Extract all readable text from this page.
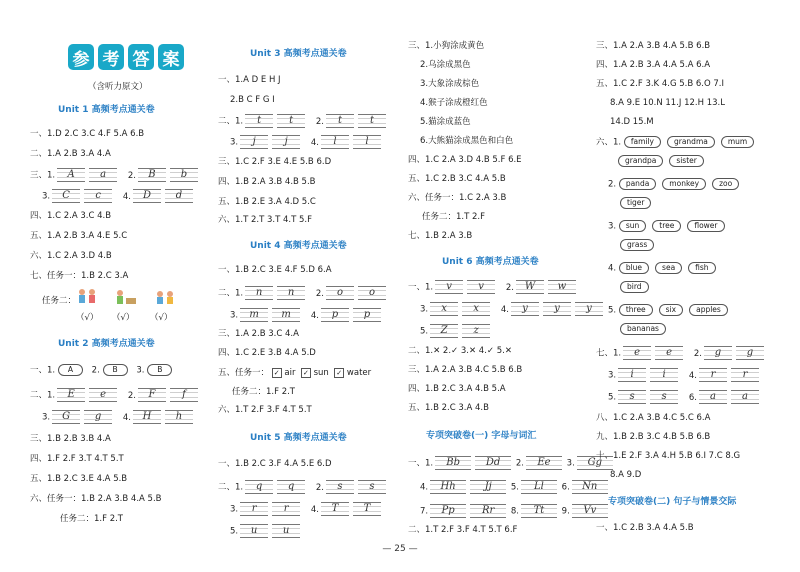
参 考 答 案
（含听力原文）
Unit 1 高频考点通关卷
一、1.D 2.C 3.C 4.F 5.A 6.B
二、1.A 2.B 3.A 4.A
三、1. A	a	2. B	b
3. C	c	4. D d
四、1.C 2.A 3.C 4.B
五、1.A 2.B 3.A 4.E 5.C
六、1.C 2.A 3.D 4.B
七、任务一：1.B 2.C 3.A
任务二：
（√） （√） （√）
Unit 2 高频考点通关卷
一、1. A 2. B 3. B
二、1. E	e	2. F	f
3. G g	4. H h
三、1.B 2.B 3.B 4.A
四、1.F 2.F 3.T 4.T 5.T
五、1.B 2.C 3.E 4.A 5.B
六、任务一：1.B 2.A 3.B 4.A 5.B
任务二：1.F 2.T
Unit 3 高频考点通关卷
一、1.A D E H J
2.B C F G I
二、1. t	t	2. t	t
3. j	j	4. l	l
三、1.C 2.F 3.E 4.E 5.B 6.D
四、1.B 2.A 3.B 4.B 5.B
五、1.B 2.E 3.A 4.D 5.C
六、1.T 2.T 3.T 4.T 5.F
Unit 4 高频考点通关卷
一、1.B 2.C 3.E 4.F 5.D 6.A
二、1. n	n	2. o	o
3. m m 4. p	p
三、1.A 2.B 3.C 4.A
四、1.C 2.E 3.B 4.A 5.D
五、任务一： ✓ air ✓ sun ✓ water
任务二：1.F 2.T
六、1.T 2.F 3.F 4.T 5.T
Unit 5 高频考点通关卷
一、1.B 2.C 3.F 4.A 5.E 6.D
二、1. q	q	2. s	s
3. r	r	4. T	T
5. u	u
三、1.小狗涂成黄色
2.乌涂成黑色
3.大象涂成棕色
4.猴子涂成橙红色
5.猫涂成蓝色
6.大熊猫涂成黑色和白色
四、1.C 2.A 3.D 4.B 5.F 6.E
五、1.C 2.B 3.C 4.A 5.B
六、任务一：1.C 2.A 3.B
任务二：1.T 2.F
七、1.B 2.A 3.B
Unit 6 高频考点通关卷
一、1. v	v	2. W w
3. x	x	4. y	y	y
5. Z	z
二、1.✕ 2.✓ 3.✕ 4.✓ 5.✕
三、1.A 2.A 3.B 4.C 5.B 6.B
四、1.B 2.C 3.A 4.B 5.A
五、1.B 2.C 3.A 4.B
专项突破卷(一) 字母与词汇
一、1. Bb	Dd 2. Ee 3. Gg
4. Hh	Jj 5. Ll 6. Nn
7. Pp	Rr 8. Tt 9. Vv
二、1.T 2.F 3.F 4.T 5.T 6.F
三、1.A 2.A 3.B 4.A 5.B 6.B
四、1.A 2.B 3.A 4.A 5.A 6.A
五、1.C 2.F 3.K 4.G 5.B 6.O 7.I
8.A 9.E 10.N 11.J 12.H 13.L
14.D 15.M
六、1. family	grandma	mum
grandpa	sister
2. panda	monkey	zoo
tiger
3. sun	tree	flower
grass
4. blue	sea	fish
bird
5. three	six	apples
bananas
七、1. e	e	2. g	g
3. i	i	4. r	r
5. s	s	6. a	a
八、1.C 2.A 3.B 4.C 5.C 6.A
九、1.B 2.B 3.C 4.B 5.B 6.B
十、1.E 2.F 3.A 4.H 5.B 6.I 7.C 8.G
8.A 9.D
专项突破卷(二) 句子与情景交际
一、1.C 2.B 3.A 4.A 5.B
— 25 —
